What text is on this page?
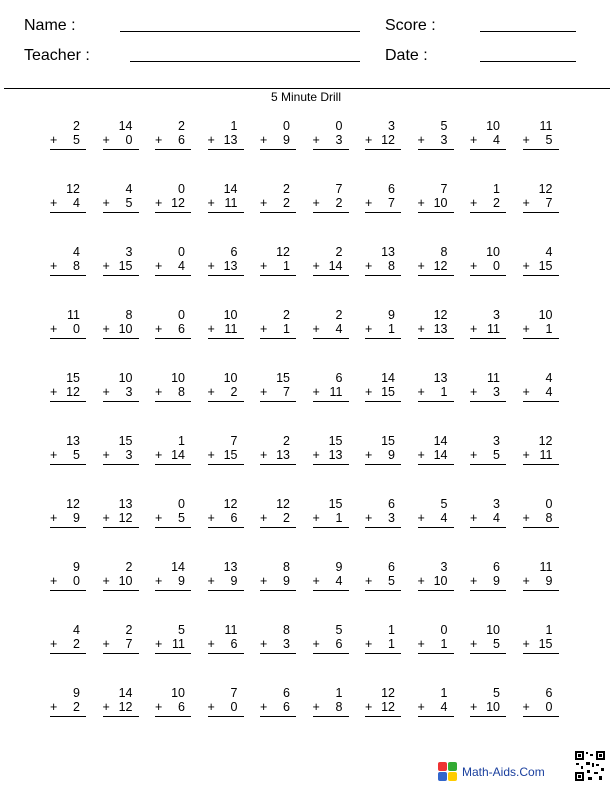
Name :	Score :
Teacher :	Date :
5 Minute Drill
2
+ 5
14
+ 0
2
+ 6
1
+ 13
0
+ 9
0
+ 3
3
+ 12
5
+ 3
10
+ 4
11
+ 5
12
+ 4
4
+ 5
0
+ 12
14
+ 11
2
+ 2
7
+ 2
6
+ 7
7
+ 10
1
+ 2
12
+ 7
4
+ 8
3
+ 15
0
+ 4
6
+ 13
12
+ 1
2
+ 14
13
+ 8
8
+ 12
10
+ 0
4
+ 15
11
+ 0
8
+ 10
0
+ 6
10
+ 11
2
+ 1
2
+ 4
9
+ 1
12
+ 13
3
+ 11
10
+ 1
15
+ 12
10
+ 3
10
+ 8
10
+ 2
15
+ 7
6
+ 11
14
+ 15
13
+ 1
11
+ 3
4
+ 4
13
+ 5
15
+ 3
1
+ 14
7
+ 15
2
+ 13
15
+ 13
15
+ 9
14
+ 14
3
+ 5
12
+ 11
12
+ 9
13
+ 12
0
+ 5
12
+ 6
12
+ 2
15
+ 1
6
+ 3
5
+ 4
3
+ 4
0
+ 8
9
+ 0
2
+ 10
14
+ 9
13
+ 9
8
+ 9
9
+ 4
6
+ 5
3
+ 10
6
+ 9
11
+ 9
4
+ 2
2
+ 7
5
+ 11
11
+ 6
8
+ 3
5
+ 6
1
+ 1
0
+ 1
10
+ 5
1
+ 15
9
+ 2
14
+ 12
10
+ 6
7
+ 0
6
+ 6
1
+ 8
12
+ 12
1
+ 4
5
+ 10
6
+ 0
Math-Aids.Com
